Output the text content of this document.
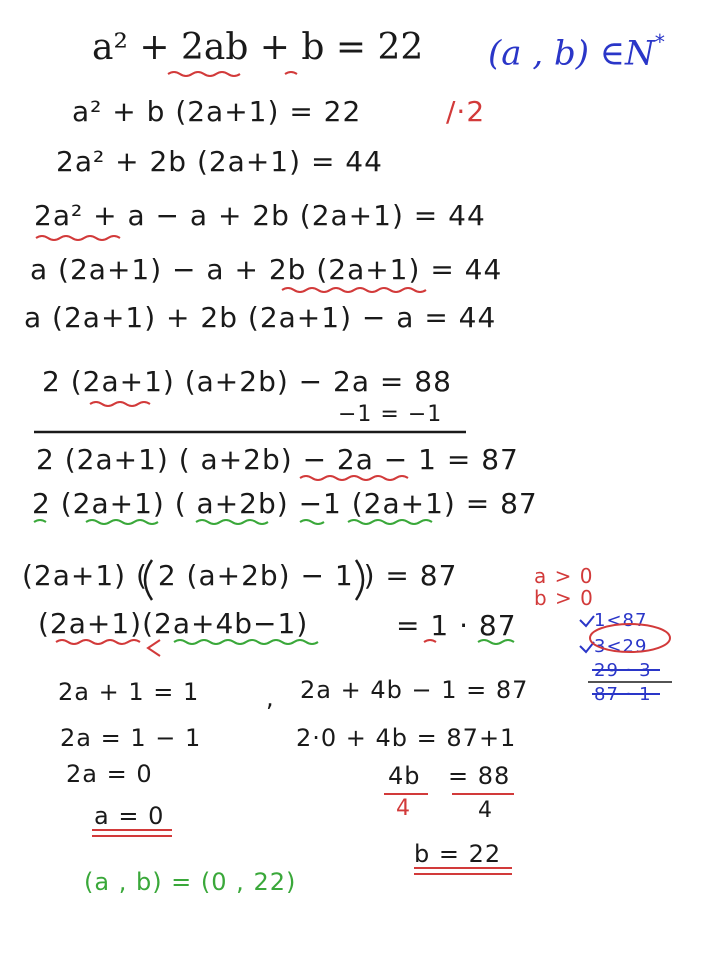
a² + 2ab + b = 22 (a , b) ∈N*
a² + b (2a+1) = 22	/·2
2a² + 2b (2a+1) = 44
2a² + a − a + 2b (2a+1) = 44
a (2a+1) − a + 2b (2a+1) = 44
a (2a+1) + 2b (2a+1) − a = 44
2 (2a+1) (a+2b) − 2a = 88
−1 = −1
2 (2a+1) ( a+2b) − 2a − 1 = 87
2 (2a+1) ( a+2b) −1 (2a+1) = 87
(2a+1) ( 2 (a+2b) − 1 ) = 87
(2a+1)(2a+4b−1)	= 1 · 87
a > 0
b > 0
1<87
3<29
29 · 3
87 · 1
2a + 1 = 1
2a = 1 − 1
2a = 0
a = 0
, 2a + 4b − 1 = 87
2·0 + 4b = 87+1
4b
4
= 88
4
b = 22
(a , b) = (0 , 22)
